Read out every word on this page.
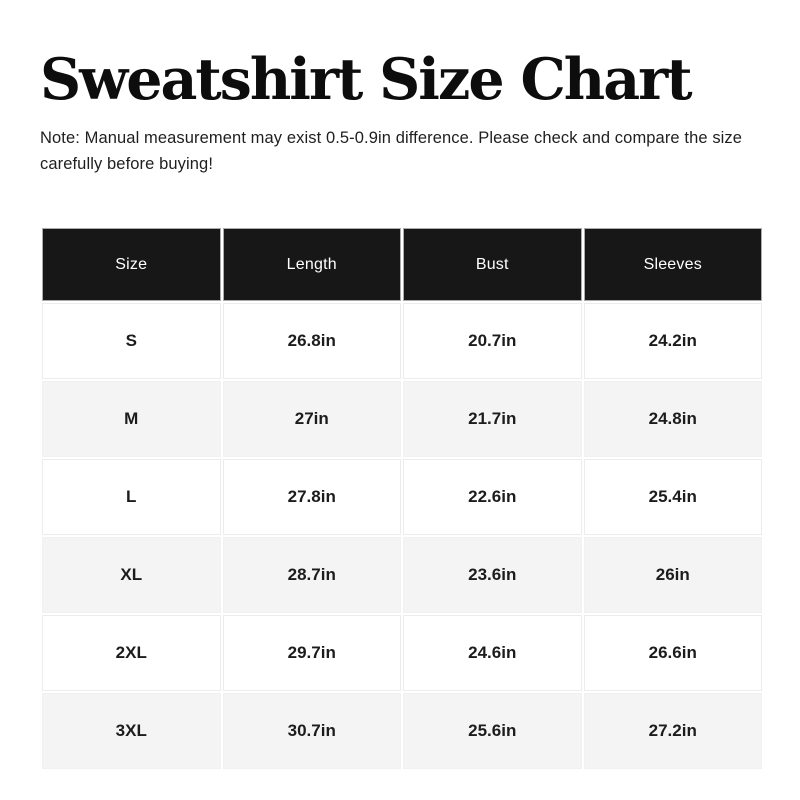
Sweatshirt Size Chart

Note: Manual measurement may exist 0.5-0.9in difference. Please check and compare the size carefully before buying!

Size	Length	Bust	Sleeves
S	26.8in	20.7in	24.2in
M	27in	21.7in	24.8in
L	27.8in	22.6in	25.4in
XL	28.7in	23.6in	26in
2XL	29.7in	24.6in	26.6in
3XL	30.7in	25.6in	27.2in
